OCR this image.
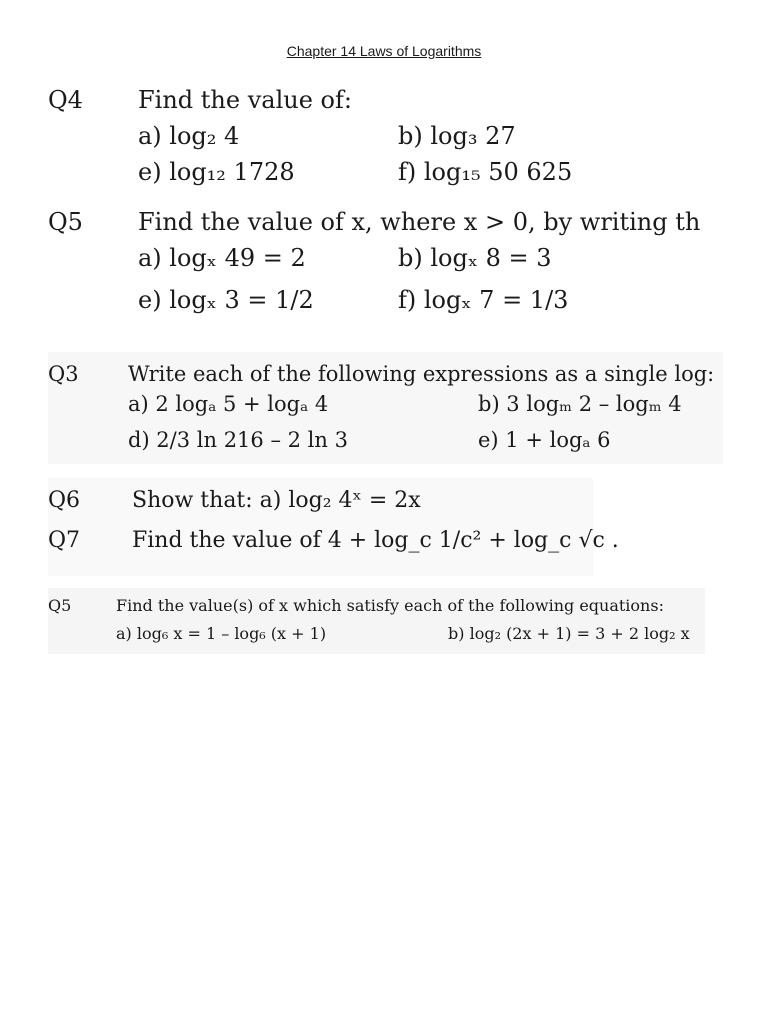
Chapter 14 Laws of Logarithms
Q4 Find the value of:
a) log₂ 4	b) log₃ 27
e) log₁₂ 1728	f) log₁₅ 50 625
Q5 Find the value of x, where x > 0, by writing th
a) logₓ 49 = 2	b) logₓ 8 = 3
e) logₓ 3 = 1/2	f) logₓ 7 = 1/3
Q3 Write each of the following expressions as a single log:
a) 2 logₐ 5 + logₐ 4	b) 3 logₘ 2 – logₘ 4
d) 2/3 ln 216 – 2 ln 3	e) 1 + logₐ 6
Q6 Show that: a) log₂ 4ˣ = 2x
Q7 Find the value of 4 + log_c 1/c² + log_c √c .
Q5	Find the value(s) of x which satisfy each of the following equations:
a) log₆ x = 1 – log₆ (x + 1)	b) log₂ (2x + 1) = 3 + 2 log₂ x
